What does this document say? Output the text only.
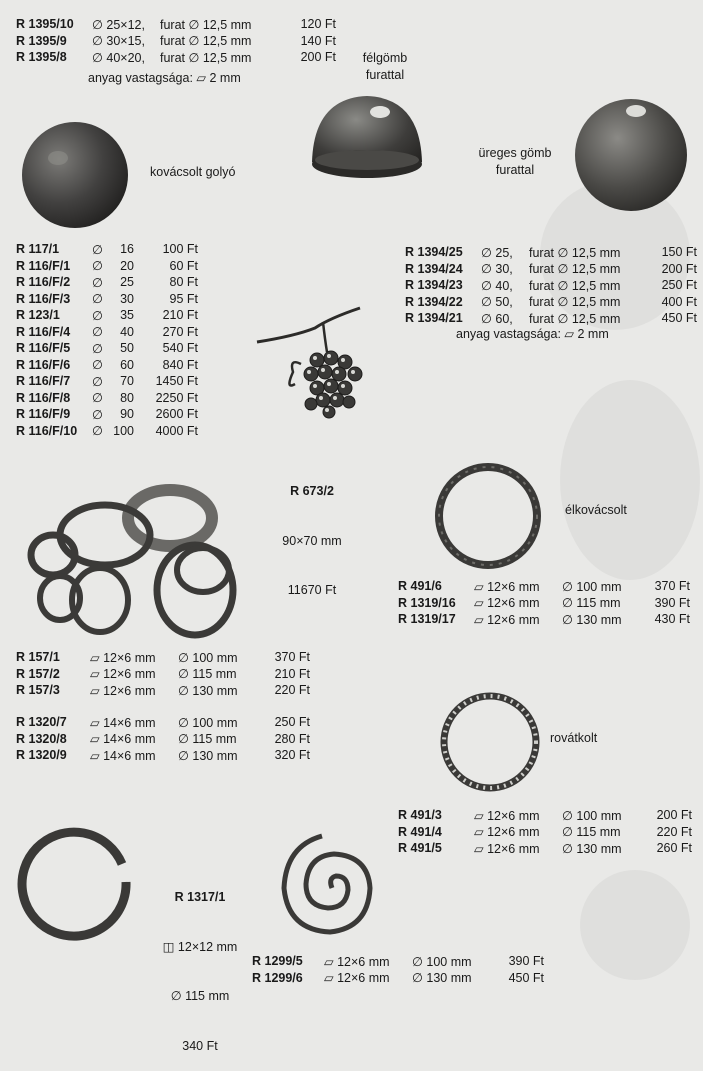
R 1395/10	∅ 25×12,	furat ∅ 12,5 mm	120 Ft
R 1395/9	∅ 30×15,	furat ∅ 12,5 mm	140 Ft
R 1395/8	∅ 40×20,	furat ∅ 12,5 mm	200 Ft
anyag vastagsága: ⏥ 2 mm
félgömb
furattal
üreges gömb
furattal
kovácsolt golyó
R 117/1	∅	16	100 Ft
R 116/F/1	∅	20	60 Ft
R 116/F/2	∅	25	80 Ft
R 116/F/3	∅	30	95 Ft
R 123/1	∅	35	210 Ft
R 116/F/4	∅	40	270 Ft
R 116/F/5	∅	50	540 Ft
R 116/F/6	∅	60	840 Ft
R 116/F/7	∅	70	1450 Ft
R 116/F/8	∅	80	2250 Ft
R 116/F/9	∅	90	2600 Ft
R 116/F/10	∅	100	4000 Ft
R 1394/25	∅ 25,	furat ∅ 12,5 mm	150 Ft
R 1394/24	∅ 30,	furat ∅ 12,5 mm	200 Ft
R 1394/23	∅ 40,	furat ∅ 12,5 mm	250 Ft
R 1394/22	∅ 50,	furat ∅ 12,5 mm	400 Ft
R 1394/21	∅ 60,	furat ∅ 12,5 mm	450 Ft
anyag vastagsága: ⏥ 2 mm

R 673/2

90×70 mm

11670 Ft

élkovácsolt
R 491/6	⏥ 12×6 mm	∅ 100 mm	370 Ft
R 1319/16	⏥ 12×6 mm	∅ 115 mm	390 Ft
R 1319/17	⏥ 12×6 mm	∅ 130 mm	430 Ft
R 157/1	⏥ 12×6 mm	∅ 100 mm	370 Ft
R 157/2	⏥ 12×6 mm	∅ 115 mm	210 Ft
R 157/3	⏥ 12×6 mm	∅ 130 mm	220 Ft
R 1320/7	⏥ 14×6 mm	∅ 100 mm	250 Ft
R 1320/8	⏥ 14×6 mm	∅ 115 mm	280 Ft
R 1320/9	⏥ 14×6 mm	∅ 130 mm	320 Ft
rovátkolt
R 491/3	⏥ 12×6 mm	∅ 100 mm	200 Ft
R 491/4	⏥ 12×6 mm	∅ 115 mm	220 Ft
R 491/5	⏥ 12×6 mm	∅ 130 mm	260 Ft

R 1317/1

◫ 12×12 mm

∅ 115 mm

340 Ft

R 1299/5	⏥ 12×6 mm	∅ 100 mm	390 Ft
R 1299/6	⏥ 12×6 mm	∅ 130 mm	450 Ft
